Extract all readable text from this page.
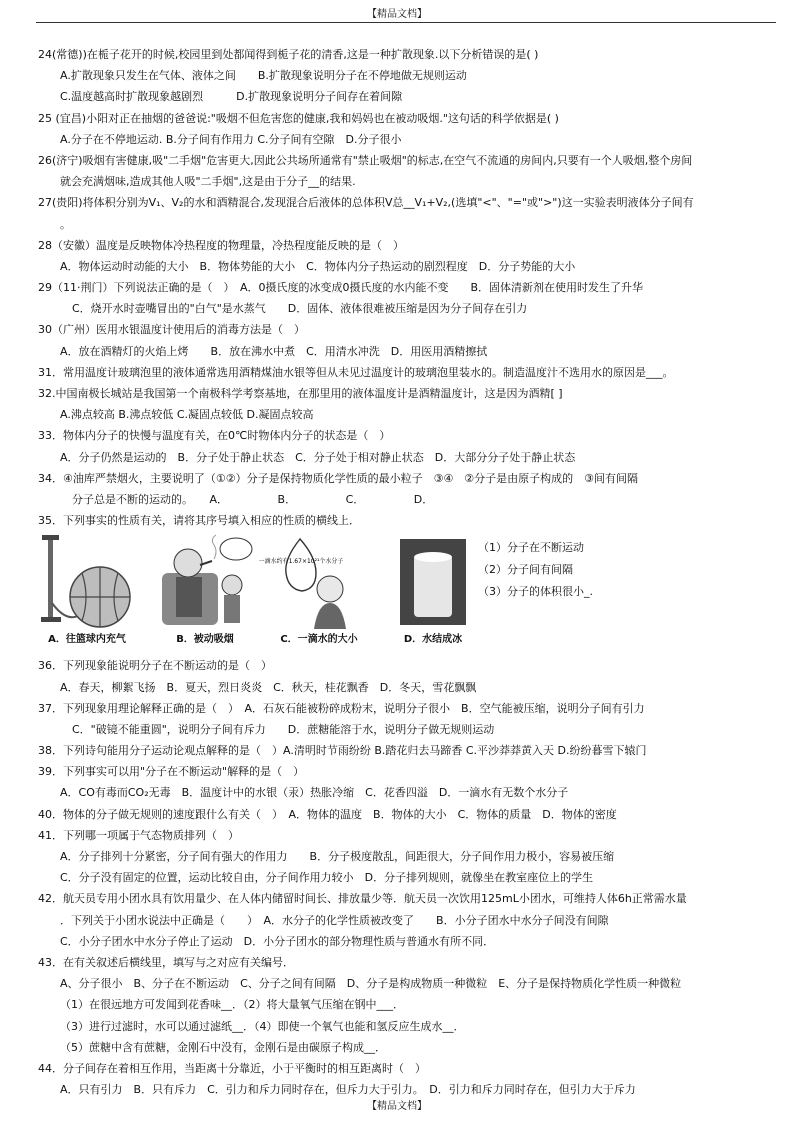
【精品文档】
24(常德))在栀子花开的时候,校园里到处都闻得到栀子花的清香,这是一种扩散现象.以下分析错误的是( )
A.扩散现象只发生在气体、液体之间　　B.扩散现象说明分子在不停地做无规则运动
C.温度越高时扩散现象越剧烈　　　D.扩散现象说明分子间存在着间隙
25 (宜昌)小阳对正在抽烟的爸爸说:"吸烟不但危害您的健康,我和妈妈也在被动吸烟."这句话的科学依据是( )
A.分子在不停地运动. B.分子间有作用力 C.分子间有空隙　D.分子很小
26(济宁)吸烟有害健康,吸"二手烟"危害更大,因此公共场所通常有"禁止吸烟"的标志,在空气不流通的房间内,只要有一个人吸烟,整个房间
就会充满烟味,造成其他人吸"二手烟",这是由于分子__的结果.
27(贵阳)将体积分别为V₁、V₂的水和酒精混合,发现混合后液体的总体积V总__V₁+V₂,(选填"<"、"="或">")这一实验表明液体分子间有
。
28（安徽）温度是反映物体冷热程度的物理量，冷热程度能反映的是（　）
A．物体运动时动能的大小　B．物体势能的大小　C．物体内分子热运动的剧烈程度　D．分子势能的大小
29（11·荆门）下列说法正确的是（　）　A．0摄氏度的冰变成0摄氏度的水内能不变　　B．固体清新剂在使用时发生了升华
C．烧开水时壶嘴冒出的"白气"是水蒸气　　D．固体、液体很难被压缩是因为分子间存在引力
30（广州）医用水银温度计使用后的消毒方法是（　）
A．放在酒精灯的火焰上烤　　B．放在沸水中煮　C．用清水冲洗　D．用医用酒精擦拭
31．常用温度计玻璃泡里的液体通常选用酒精煤油水银等但从未见过温度计的玻璃泡里装水的。制造温度汁不选用水的原因是___。
32.中国南极长城站是我国第一个南极科学考察基地，在那里用的液体温度计是酒精温度计，这是因为酒精[ ]
A.沸点较高 B.沸点较低 C.凝固点较低 D.凝固点较高
33．物体内分子的快慢与温度有关，在0℃时物体内分子的状态是（　）
A．分子仍然是运动的　B．分子处于静止状态　C．分子处于相对静止状态　D．大部分分子处于静止状态
34．④油库严禁烟火，主要说明了（①②）分子是保持物质化学性质的最小粒子　③④　②分子是由原子构成的　③间有间隔
分子总是不断的运动的。　　A．　　　　　B．　　　　　C．　　　　　D．
35．下列事实的性质有关，请将其序号填入相应的性质的横线上．
A．往篮球内充气	B．被动吸烟
一滴水约有1.67×10²¹个水分子
C．一滴水的大小	D．水结成冰
（1）分子在不断运动
（2）分子间有间隔
（3）分子的体积很小_.
36．下列现象能说明分子在不断运动的是（　）
A．春天，柳絮飞扬　B．夏天，烈日炎炎　C．秋天，桂花飘香　D．冬天，雪花飘飘
37．下列现象用理论解释正确的是（　）　A．石灰石能被粉碎成粉末，说明分子很小　B．空气能被压缩，说明分子间有引力
C．"破镜不能重圆"，说明分子间有斥力　　D．蔗糖能溶于水，说明分子做无规则运动
38．下列诗句能用分子运动论观点解释的是（　）A.清明时节雨纷纷 B.踏花归去马蹄香 C.平沙莽莽黄入天 D.纷纷暮雪下辕门
39．下列事实可以用"分子在不断运动"解释的是（　）
A．CO有毒而CO₂无毒　B．温度计中的水银（汞）热胀冷缩　C．花香四溢　D．一滴水有无数个水分子
40．物体的分子做无规则的速度跟什么有关（　）　A．物体的温度　B．物体的大小　C．物体的质量　D．物体的密度
41．下列哪一项属于气态物质排列（　）
A．分子排列十分紧密，分子间有强大的作用力　　B．分子极度散乱，间距很大，分子间作用力极小，容易被压缩
C．分子没有固定的位置，运动比较自由，分子间作用力较小　D．分子排列规则，就像坐在教室座位上的学生
42．航天员专用小团水具有饮用量少、在人体内储留时间长、排放量少等．航天员一次饮用125mL小团水，可维持人体6h正常需水量
．下列关于小团水说法中正确是（　　）　A．水分子的化学性质被改变了　　B．小分子团水中水分子间没有间隙
C．小分子团水中水分子停止了运动　D．小分子团水的部分物理性质与普通水有所不同．
43．在有关叙述后横线里，填写与之对应有关编号．
A、分子很小　B、分子在不断运动　C、分子之间有间隔　D、分子是构成物质一种微粒　E、分子是保持物质化学性质一种微粒
（1）在很远地方可发闻到花香味__．（2）将大量氧气压缩在钢中___．
（3）进行过滤时，水可以通过滤纸__．（4）即使一个氧气也能和氢反应生成水__．
（5）蔗糖中含有蔗糖，金刚石中没有，金刚石是由碳原子构成__．
44．分子间存在着相互作用，当距离十分靠近，小于平衡时的相互距离时（　）
A．只有引力　B．只有斥力　C．引力和斥力同时存在，但斥力大于引力。　D．引力和斥力同时存在，但引力大于斥力
【精品文档】
